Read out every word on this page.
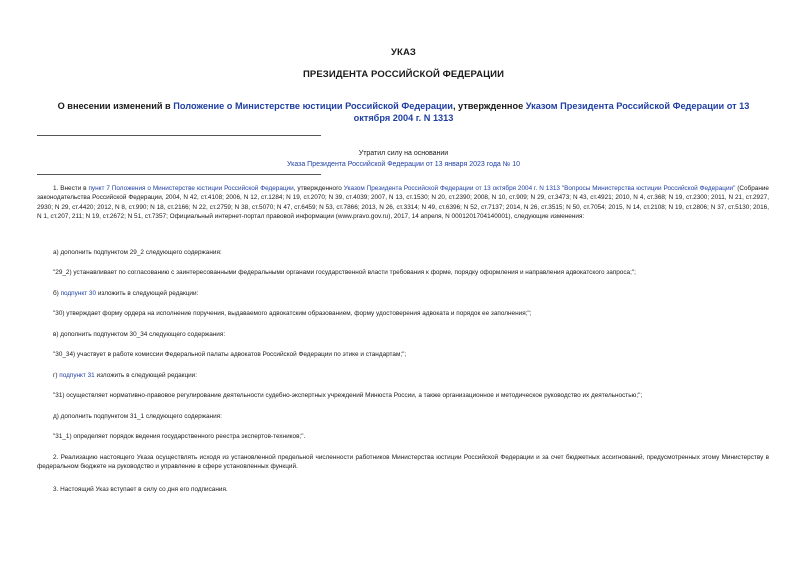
УКАЗ
ПРЕЗИДЕНТА РОССИЙСКОЙ ФЕДЕРАЦИИ
О внесении изменений в Положение о Министерстве юстиции Российской Федерации, утвержденное Указом Президента Российской Федерации от 13 октября 2004 г. N 1313
Утратил силу на основании
Указа Президента Российской Федерации от 13 января 2023 года № 10
1. Внести в пункт 7 Положения о Министерстве юстиции Российской Федерации, утвержденного Указом Президента Российской Федерации от 13 октября 2004 г. N 1313 "Вопросы Министерства юстиции Российской Федерации" (Собрание законодательства Российской Федерации, 2004, N 42, ст.4108; 2006, N 12, ст.1284; N 19, ст.2070; N 39, ст.4039; 2007, N 13, ст.1530; N 20, ст.2390; 2008, N 10, ст.909; N 29, ст.3473; N 43, ст.4921; 2010, N 4, ст.368; N 19, ст.2300; 2011, N 21, ст.2927, 2930; N 29, ст.4420; 2012, N 8, ст.990; N 18, ст.2166; N 22, ст.2759; N 38, ст.5070; N 47, ст.6459; N 53, ст.7866; 2013, N 26, ст.3314; N 49, ст.6396; N 52, ст.7137; 2014, N 26, ст.3515; N 50, ст.7054; 2015, N 14, ст.2108; N 19, ст.2806; N 37, ст.5130; 2016, N 1, ст.207, 211; N 19, ст.2672; N 51, ст.7357; Официальный интернет-портал правовой информации (www.pravo.gov.ru), 2017, 14 апреля, N 0001201704140001), следующие изменения:
а) дополнить подпунктом 29_2 следующего содержания:
"29_2) устанавливает по согласованию с заинтересованными федеральными органами государственной власти требования к форме, порядку оформления и направления адвокатского запроса;";
б) подпункт 30 изложить в следующей редакции:
"30) утверждает форму ордера на исполнение поручения, выдаваемого адвокатским образованием, форму удостоверения адвоката и порядок ее заполнения;";
в) дополнить подпунктом 30_34 следующего содержания:
"30_34) участвует в работе комиссии Федеральной палаты адвокатов Российской Федерации по этике и стандартам;";
г) подпункт 31 изложить в следующей редакции:
"31) осуществляет нормативно-правовое регулирование деятельности судебно-экспертных учреждений Минюста России, а также организационное и методическое руководство их деятельностью;";
д) дополнить подпунктом 31_1 следующего содержания:
"31_1) определяет порядок ведения государственного реестра экспертов-техников;".
2. Реализацию настоящего Указа осуществлять исходя из установленной предельной численности работников Министерства юстиции Российской Федерации и за счет бюджетных ассигнований, предусмотренных этому Министерству в федеральном бюджете на руководство и управление в сфере установленных функций.
3. Настоящий Указ вступает в силу со дня его подписания.
